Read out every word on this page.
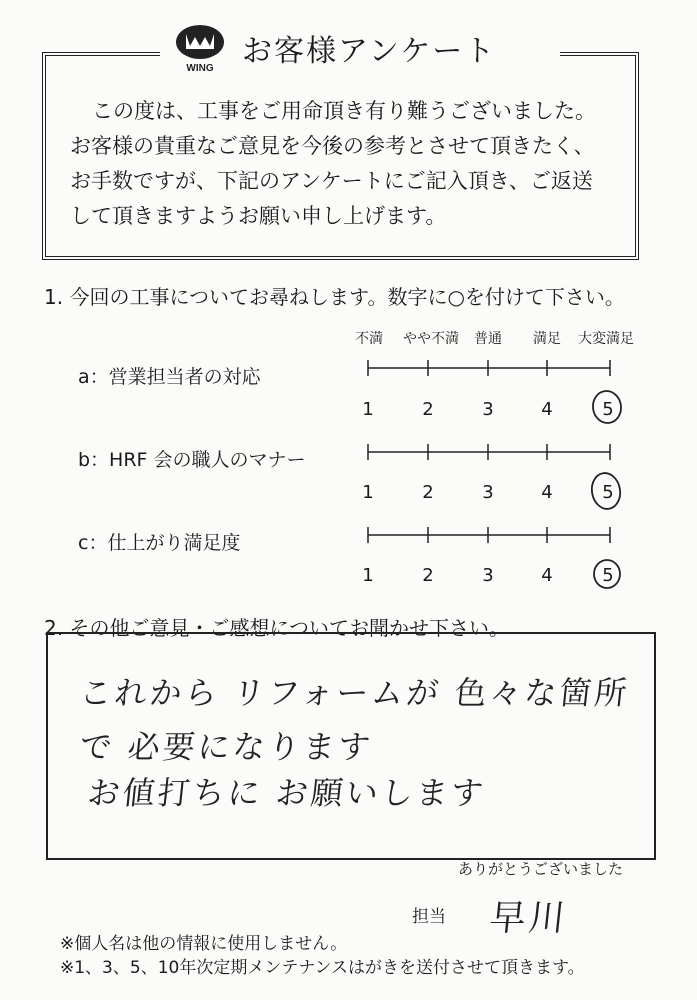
WING お客様アンケート

この度は、工事をご用命頂き有り難うございました。

お客様の貴重なご意見を今後の参考とさせて頂きたく、

お手数ですが、下記のアンケートにご記入頂き、ご返送

して頂きますようお願い申し上げます。

1. 今回の工事についてお尋ねします。数字に○を付けて下さい。
不満 やや不満 普通 満足 大変満足
a：営業担当者の対応
1	2	3	4	5
b：HRF 会の職人のマナー
1	2	3	4	5
c：仕上がり満足度
1	2	3	4	5
2. その他ご意見・ご感想についてお聞かせ下さい。
これから リフォームが 色々な箇所
で 必要になります
お値打ちに お願いします
ありがとうございました
担当 早川
※個人名は他の情報に使用しません。
※1、3、5、10年次定期メンテナンスはがきを送付させて頂きます。
